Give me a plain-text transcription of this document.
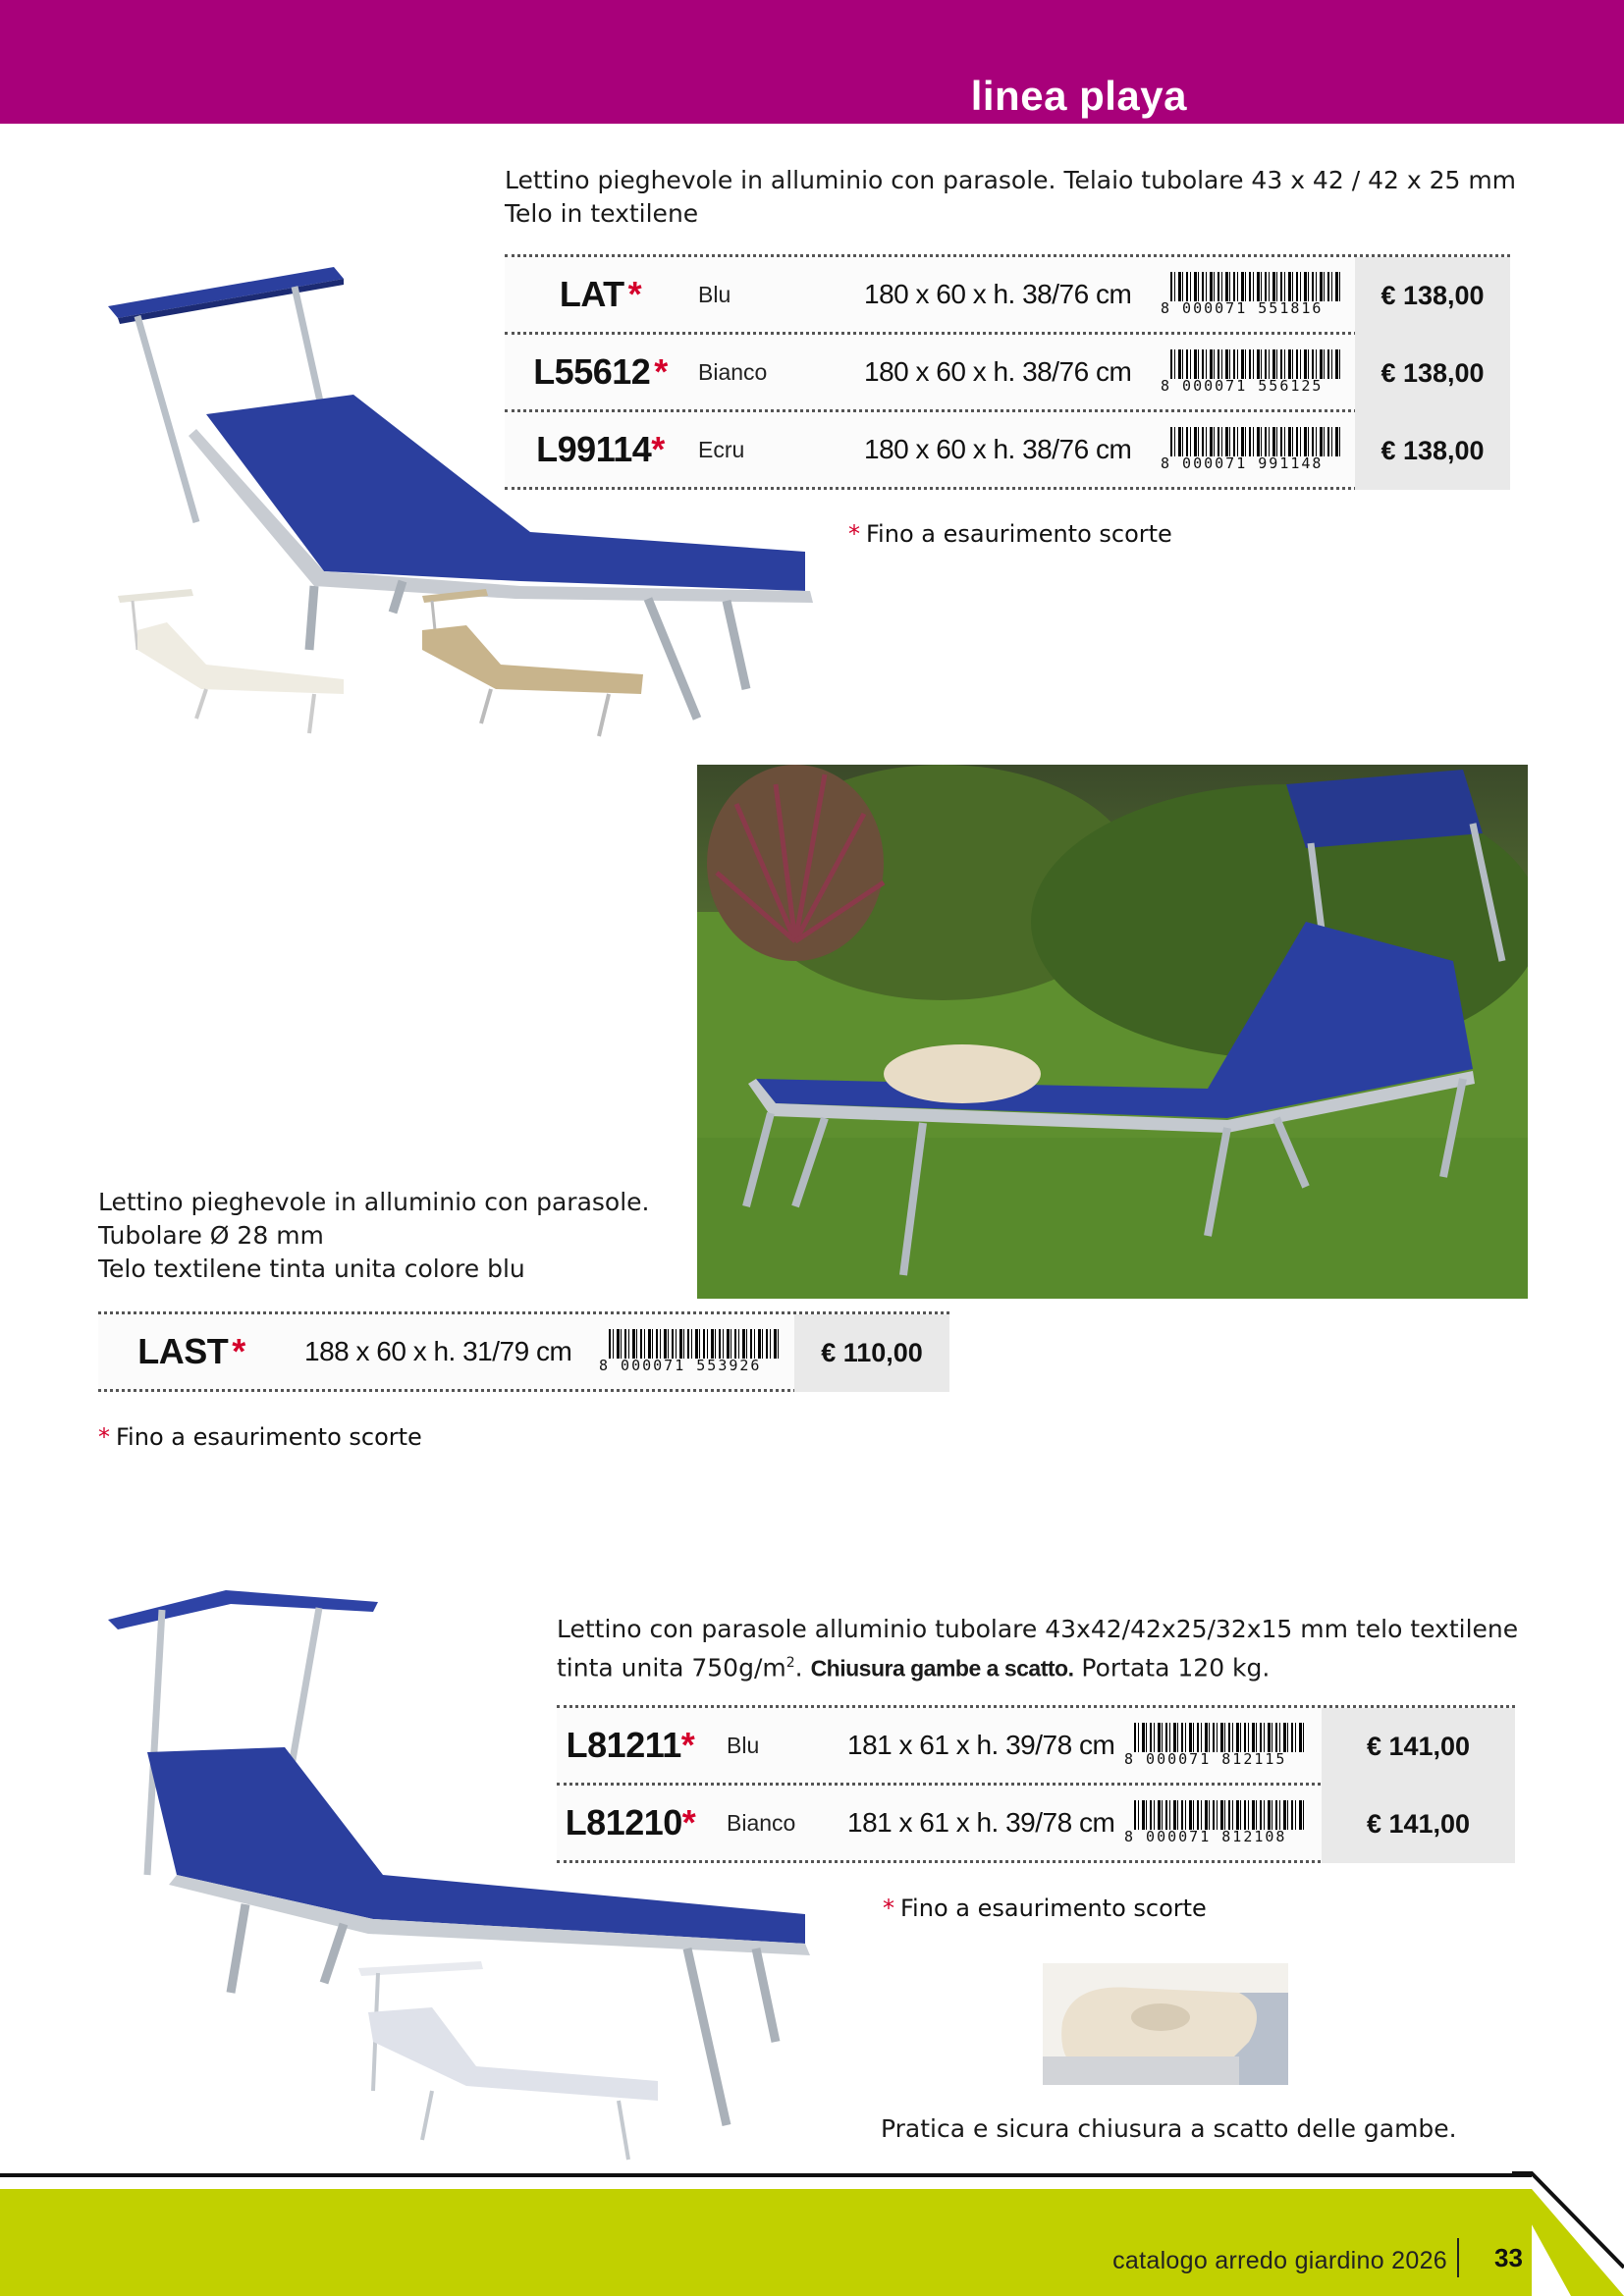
linea playa
Lettino pieghevole in alluminio con parasole. Telaio tubolare 43 x 42 / 42 x 25 mm
Telo in textilene
LAT *	Blu	180 x 60 x h. 38/76 cm	8 000071 551816	€ 138,00
L55612 * Bianco	180 x 60 x h. 38/76 cm	8 000071 556125	€ 138,00
L99114 * Ecru	180 x 60 x h. 38/76 cm	8 000071 991148	€ 138,00
* Fino a esaurimento scorte
Lettino pieghevole in alluminio con parasole.
Tubolare Ø 28 mm
Telo textilene tinta unita colore blu
LAST * 188 x 60 x h. 31/79 cm	8 000071 553926	€ 110,00
* Fino a esaurimento scorte
Lettino con parasole alluminio tubolare 43x42/42x25/32x15 mm telo textilene
tinta unita $750g/m^2$. Chiusura gambe a scatto. Portata 120 kg.
L81211 * Blu	181 x 61 x h. 39/78 cm 8 000071 812115	€ 141,00
L81210 * Bianco	181 x 61 x h. 39/78 cm 8 000071 812108	€ 141,00
* Fino a esaurimento scorte
Pratica e sicura chiusura a scatto delle gambe.
catalogo arredo giardino 2026 33
